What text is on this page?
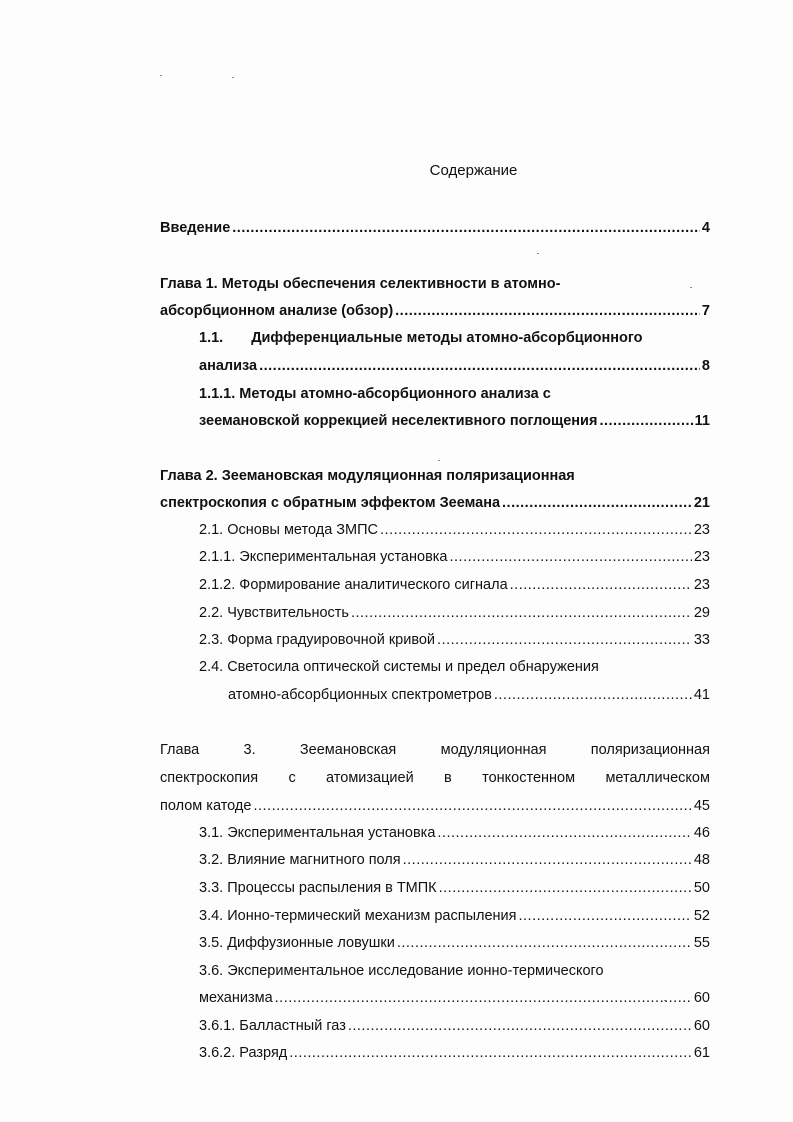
Содержание
Введение .....	4
Глава 1. Методы обеспечения селективности в атомно-
абсорбционном анализе (обзор) .....	7
1.1. Дифференциальные методы атомно-абсорбционного
анализа .....	8
1.1.1. Методы атомно-абсорбционного анализа с
зеемановской коррекцией неселективного поглощения .....	11
Глава 2. Зеемановская модуляционная поляризационная
спектроскопия с обратным эффектом Зеемана .....	21
2.1. Основы метода ЗМПС .....	23
2.1.1. Экспериментальная установка .....	23
2.1.2. Формирование аналитического сигнала .....	23
2.2. Чувствительность .....	29
2.3. Форма градуировочной кривой .....	33
2.4. Светосила оптической системы и предел обнаружения
атомно-абсорбционных спектрометров .....	41
Глава	3.	Зеемановская	модуляционная	поляризационная
спектроскопия с атомизацией в тонкостенном металлическом
полом катоде .....	45
3.1. Экспериментальная установка .....	46
3.2. Влияние магнитного поля .....	48
3.3. Процессы распыления в ТМПК .....	50
3.4. Ионно-термический механизм распыления .....	52
3.5. Диффузионные ловушки .....	55
3.6. Экспериментальное исследование ионно-термического
механизма .....	60
3.6.1. Балластный газ .....	60
3.6.2. Разряд .....	61
